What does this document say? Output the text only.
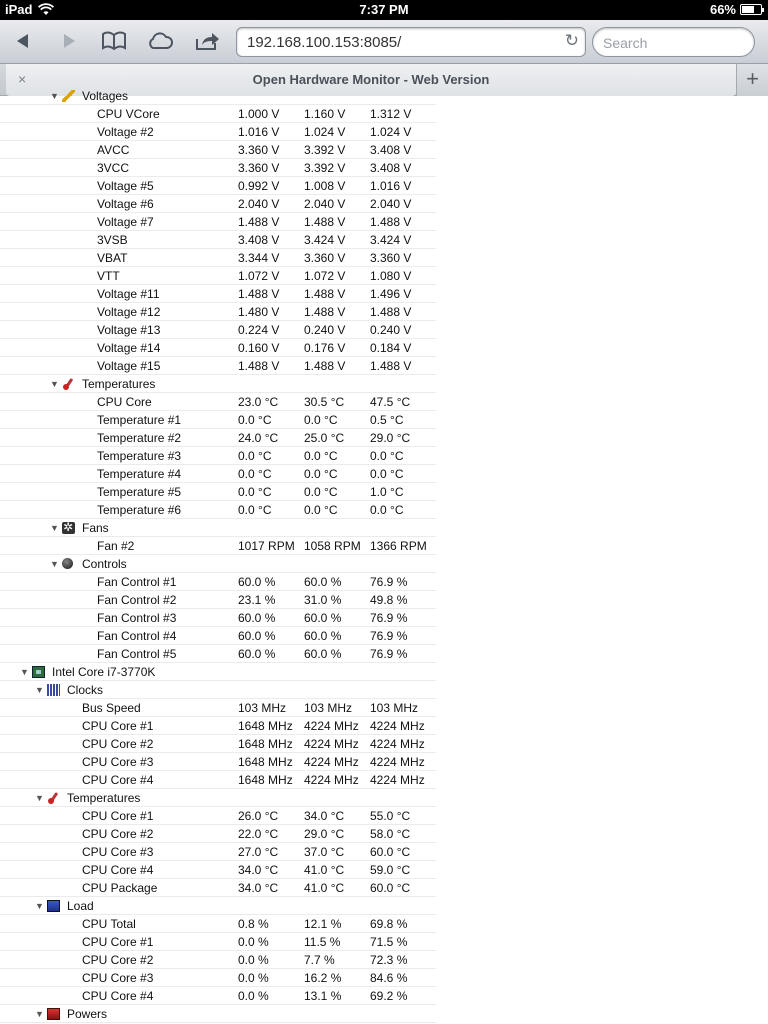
iPad	7:37 PM	66%
192.168.100.153:8085/	↻	Search
×	Open Hardware Monitor - Web Version	+
▼ Voltages
CPU VCore	1.000 V 1.160 V 1.312 V
Voltage #2	1.016 V 1.024 V 1.024 V
AVCC	3.360 V 3.392 V 3.408 V
3VCC	3.360 V 3.392 V 3.408 V
Voltage #5	0.992 V 1.008 V 1.016 V
Voltage #6	2.040 V 2.040 V 2.040 V
Voltage #7	1.488 V 1.488 V 1.488 V
3VSB	3.408 V 3.424 V 3.424 V
VBAT	3.344 V 3.360 V 3.360 V
VTT	1.072 V 1.072 V 1.080 V
Voltage #11	1.488 V 1.488 V 1.496 V
Voltage #12	1.480 V 1.488 V 1.488 V
Voltage #13	0.224 V 0.240 V 0.240 V
Voltage #14	0.160 V 0.176 V 0.184 V
Voltage #15	1.488 V 1.488 V 1.488 V
▼ Temperatures
CPU Core	23.0 °C 30.5 °C 47.5 °C
Temperature #1	0.0 °C	0.0 °C	0.5 °C
Temperature #2	24.0 °C 25.0 °C 29.0 °C
Temperature #3	0.0 °C	0.0 °C	0.0 °C
Temperature #4	0.0 °C	0.0 °C	0.0 °C
Temperature #5	0.0 °C	0.0 °C	1.0 °C
Temperature #6	0.0 °C	0.0 °C	0.0 °C
▼
✲ Fans
Fan #2	1017 RPM 1058 RPM 1366 RPM
▼ Controls
Fan Control #1	60.0 % 60.0 % 76.9 %
Fan Control #2	23.1 % 31.0 % 49.8 %
Fan Control #3	60.0 % 60.0 % 76.9 %
Fan Control #4	60.0 % 60.0 % 76.9 %
Fan Control #5	60.0 % 60.0 % 76.9 %
▼ Intel Core i7-3770K
▼ Clocks
Bus Speed	103 MHz 103 MHz 103 MHz
CPU Core #1	1648 MHz 4224 MHz 4224 MHz
CPU Core #2	1648 MHz 4224 MHz 4224 MHz
CPU Core #3	1648 MHz 4224 MHz 4224 MHz
CPU Core #4	1648 MHz 4224 MHz 4224 MHz
▼ Temperatures
CPU Core #1	26.0 °C 34.0 °C 55.0 °C
CPU Core #2	22.0 °C 29.0 °C 58.0 °C
CPU Core #3	27.0 °C 37.0 °C 60.0 °C
CPU Core #4	34.0 °C 41.0 °C 59.0 °C
CPU Package	34.0 °C 41.0 °C 60.0 °C
▼ Load
CPU Total	0.8 %	12.1 % 69.8 %
CPU Core #1	0.0 %	11.5 % 71.5 %
CPU Core #2	0.0 %	7.7 %	72.3 %
CPU Core #3	0.0 %	16.2 % 84.6 %
CPU Core #4	0.0 %	13.1 % 69.2 %
▼ Powers
